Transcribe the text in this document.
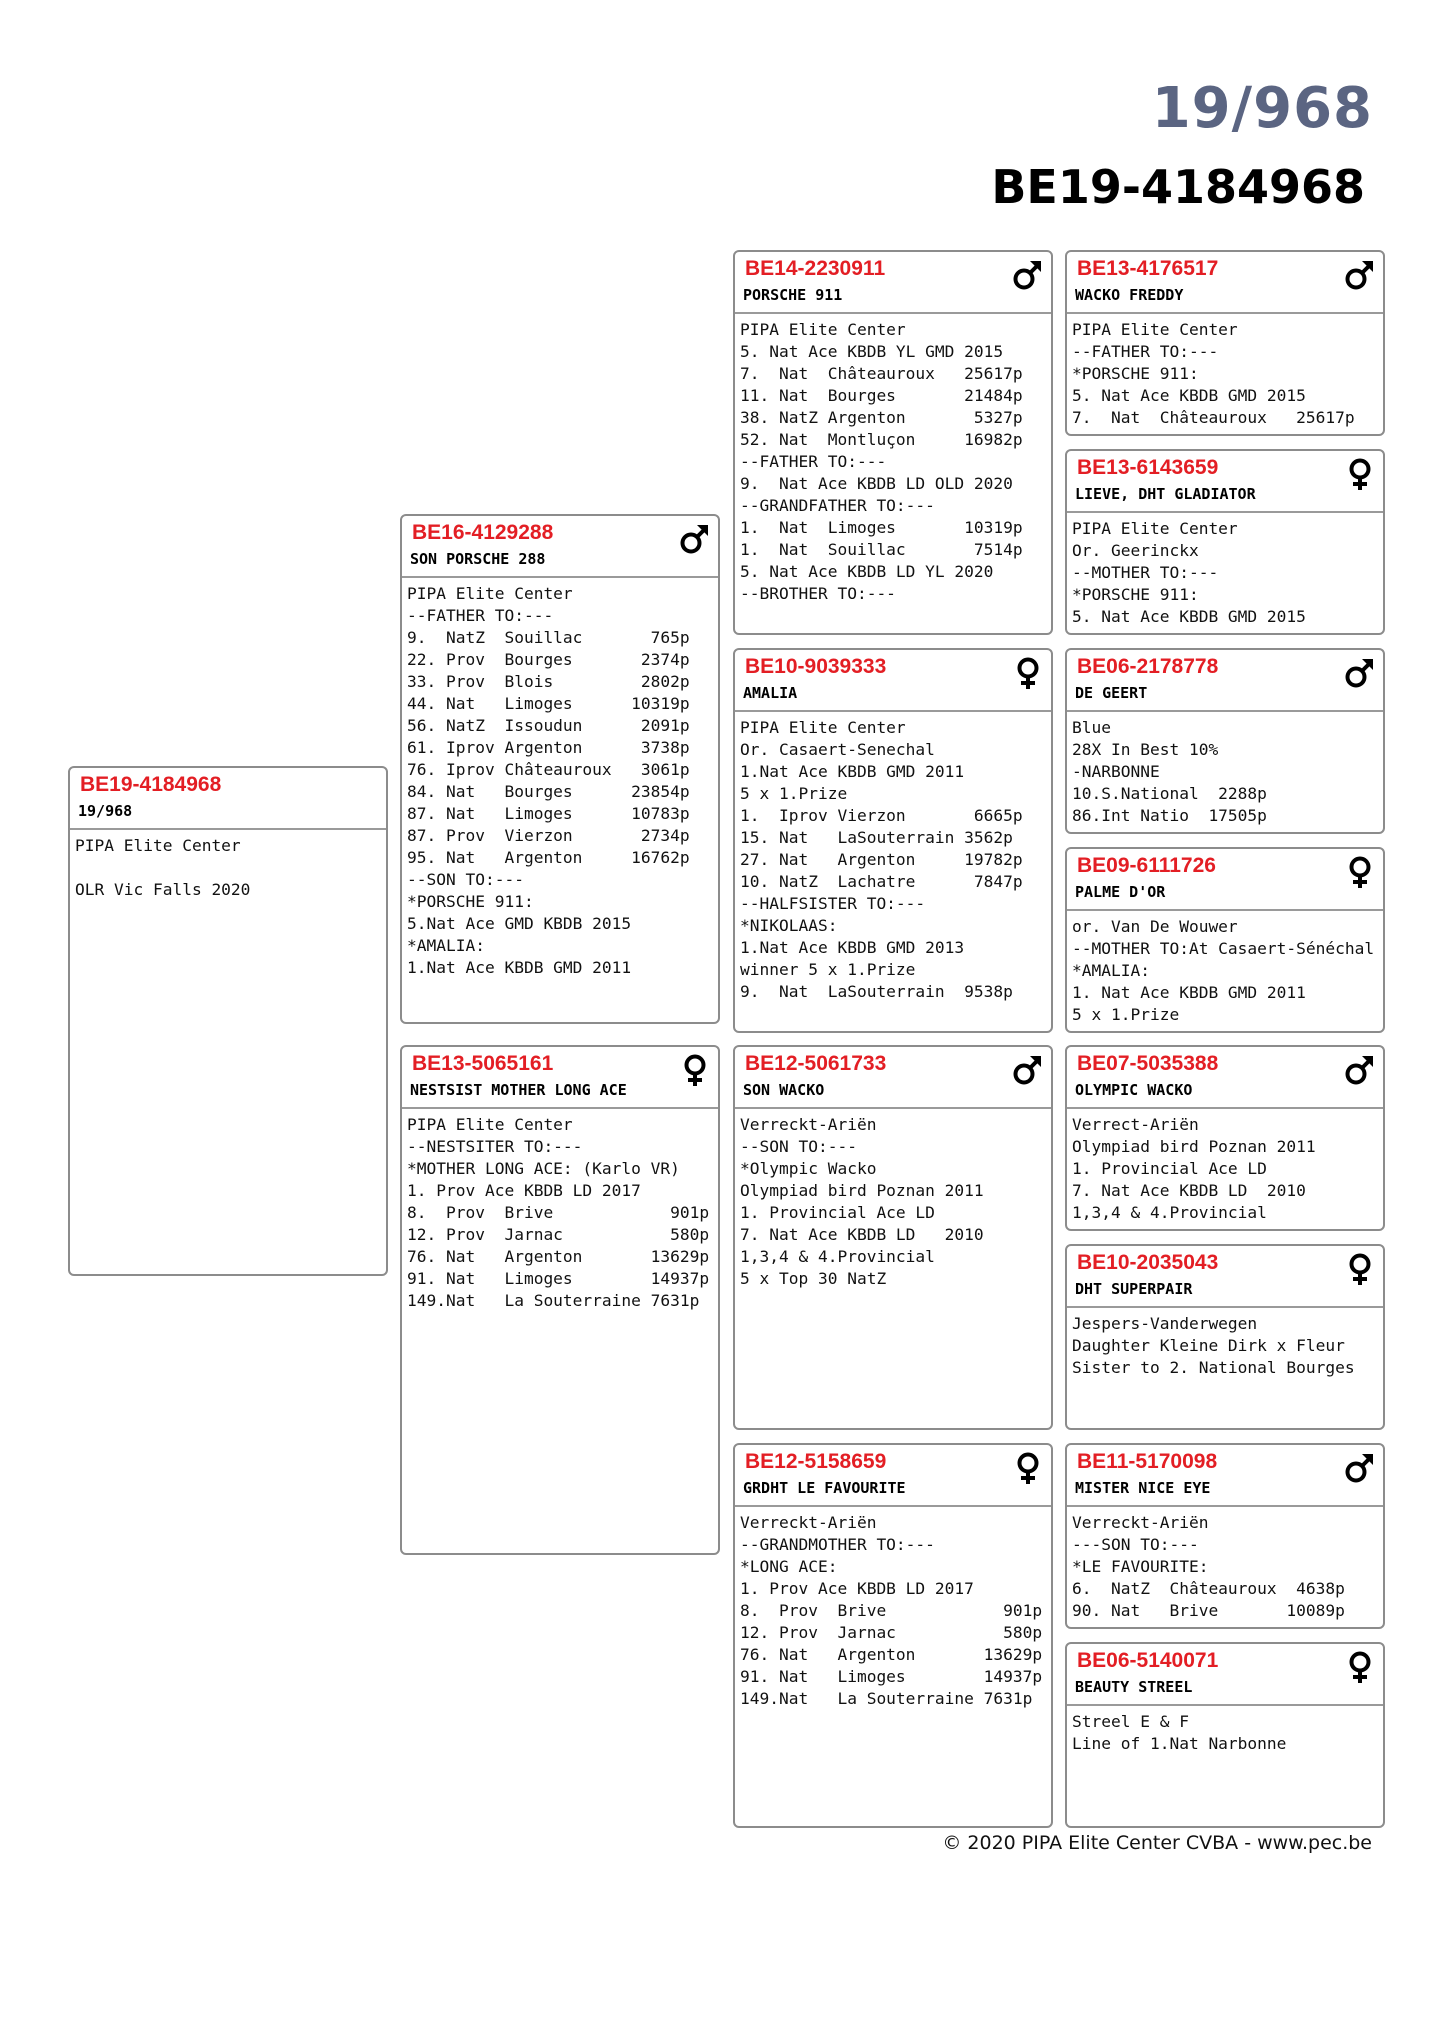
19/968
BE19-4184968
BE19-4184968
19/968
PIPA Elite Center
OLR Vic Falls 2020
BE16-4129288
SON PORSCHE 288
PIPA Elite Center
--FATHER TO:---
9.  NatZ  Souillac       765p
22. Prov  Bourges       2374p
33. Prov  Blois         2802p
44. Nat   Limoges      10319p
56. NatZ  Issoudun      2091p
61. Iprov Argenton      3738p
76. Iprov Châteauroux   3061p
84. Nat   Bourges      23854p
87. Nat   Limoges      10783p
87. Prov  Vierzon       2734p
95. Nat   Argenton     16762p
--SON TO:---
*PORSCHE 911:
5.Nat Ace GMD KBDB 2015
*AMALIA:
1.Nat Ace KBDB GMD 2011
BE13-5065161
NESTSIST MOTHER LONG ACE
PIPA Elite Center
--NESTSITER TO:---
*MOTHER LONG ACE: (Karlo VR)
1. Prov Ace KBDB LD 2017
8.  Prov  Brive            901p
12. Prov  Jarnac           580p
76. Nat   Argenton       13629p
91. Nat   Limoges        14937p
149.Nat   La Souterraine 7631p
BE14-2230911
PORSCHE 911
PIPA Elite Center
5. Nat Ace KBDB YL GMD 2015
7.  Nat  Châteauroux   25617p
11. Nat  Bourges       21484p
38. NatZ Argenton       5327p
52. Nat  Montluçon     16982p
--FATHER TO:---
9.  Nat Ace KBDB LD OLD 2020
--GRANDFATHER TO:---
1.  Nat  Limoges       10319p
1.  Nat  Souillac       7514p
5. Nat Ace KBDB LD YL 2020
--BROTHER TO:---
BE10-9039333
AMALIA
PIPA Elite Center
Or. Casaert-Senechal
1.Nat Ace KBDB GMD 2011
5 x 1.Prize
1.  Iprov Vierzon       6665p
15. Nat   LaSouterrain 3562p
27. Nat   Argenton     19782p
10. NatZ  Lachatre      7847p
--HALFSISTER TO:---
*NIKOLAAS:
1.Nat Ace KBDB GMD 2013
winner 5 x 1.Prize
9.  Nat  LaSouterrain  9538p
BE12-5061733
SON WACKO
Verreckt-Ariën
--SON TO:---
*Olympic Wacko
Olympiad bird Poznan 2011
1. Provincial Ace LD
7. Nat Ace KBDB LD   2010
1,3,4 & 4.Provincial
5 x Top 30 NatZ
BE12-5158659
GRDHT LE FAVOURITE
Verreckt-Ariën
--GRANDMOTHER TO:---
*LONG ACE:
1. Prov Ace KBDB LD 2017
8.  Prov  Brive            901p
12. Prov  Jarnac           580p
76. Nat   Argenton       13629p
91. Nat   Limoges        14937p
149.Nat   La Souterraine 7631p
BE13-4176517
WACKO FREDDY
PIPA Elite Center
--FATHER TO:---
*PORSCHE 911:
5. Nat Ace KBDB GMD 2015
7.  Nat  Châteauroux   25617p
BE13-6143659
LIEVE, DHT GLADIATOR
PIPA Elite Center
Or. Geerinckx
--MOTHER TO:---
*PORSCHE 911:
5. Nat Ace KBDB GMD 2015
BE06-2178778
DE GEERT
Blue
28X In Best 10%
-NARBONNE
10.S.National  2288p
86.Int Natio  17505p
BE09-6111726
PALME D'OR
or. Van De Wouwer
--MOTHER TO:At Casaert-Sénéchal
*AMALIA:
1. Nat Ace KBDB GMD 2011
5 x 1.Prize
BE07-5035388
OLYMPIC WACKO
Verrect-Ariën
Olympiad bird Poznan 2011
1. Provincial Ace LD
7. Nat Ace KBDB LD  2010
1,3,4 & 4.Provincial
BE10-2035043
DHT SUPERPAIR
Jespers-Vanderwegen
Daughter Kleine Dirk x Fleur
Sister to 2. National Bourges
BE11-5170098
MISTER NICE EYE
Verreckt-Ariën
---SON TO:---
*LE FAVOURITE:
6.  NatZ  Châteauroux  4638p
90. Nat   Brive       10089p
BE06-5140071
BEAUTY STREEL
Streel E & F
Line of 1.Nat Narbonne
© 2020 PIPA Elite Center CVBA - www.pec.be
